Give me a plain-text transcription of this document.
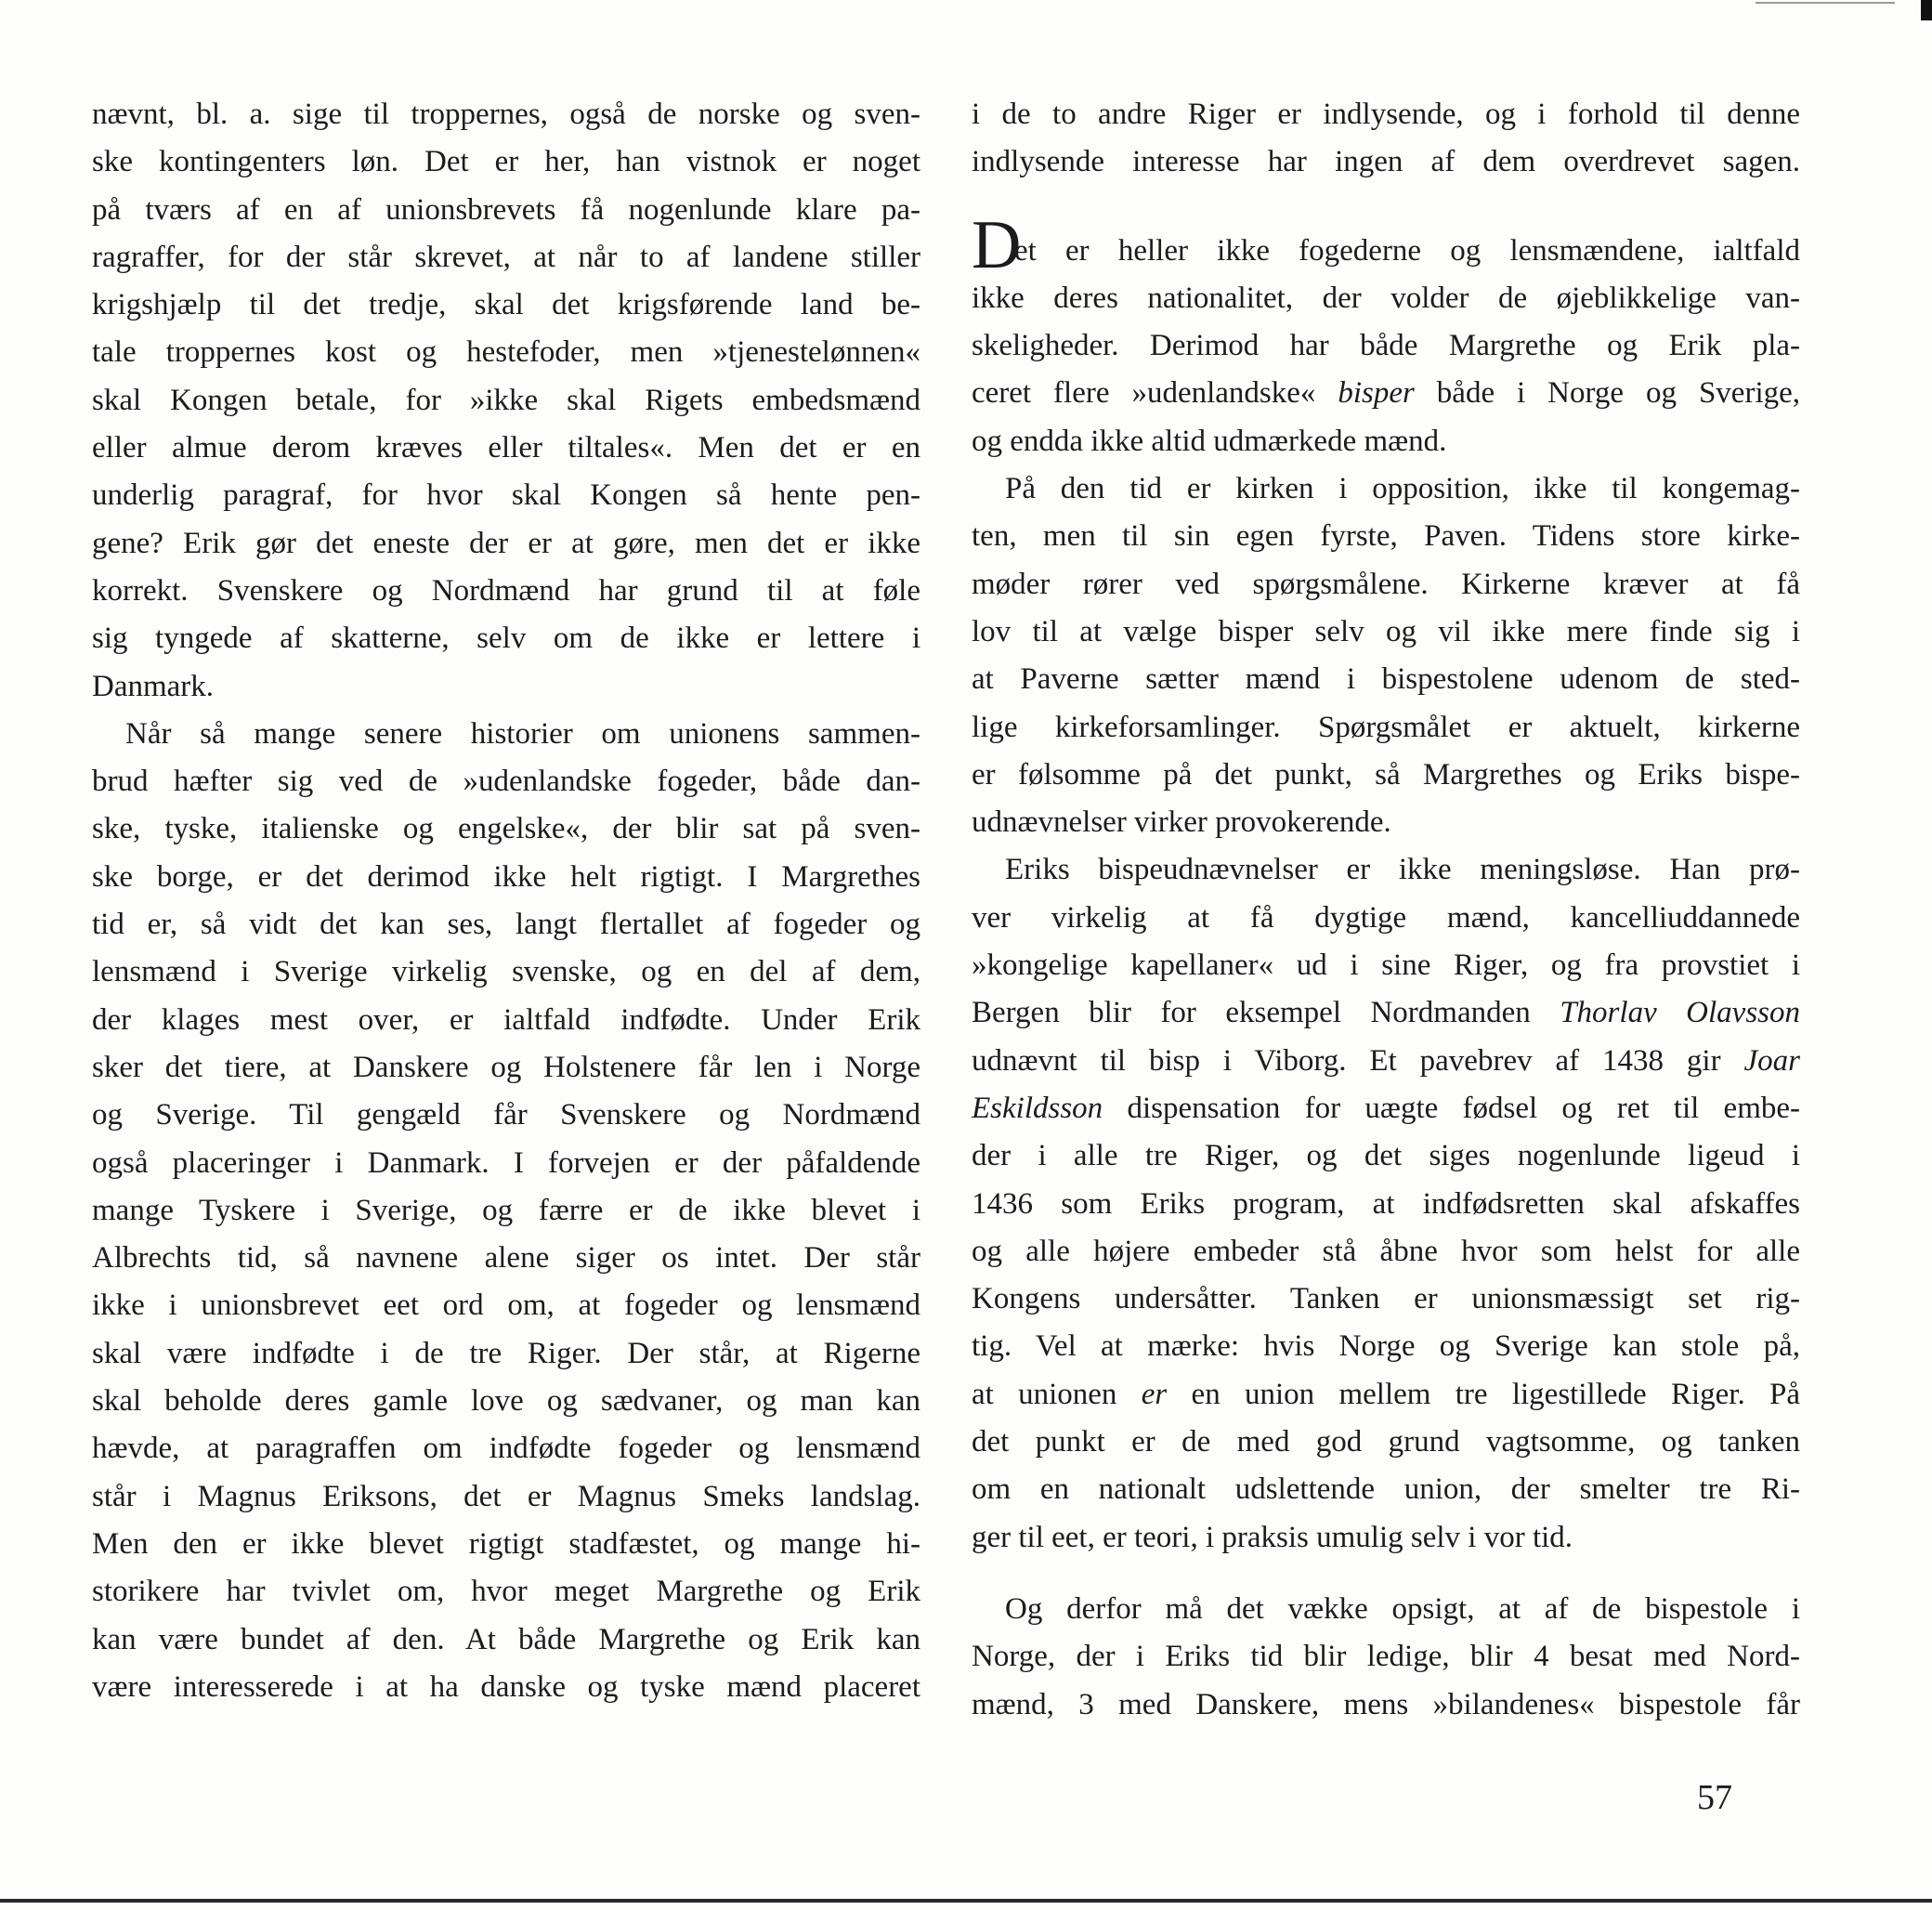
nævnt, bl. a. sige til troppernes, også de norske og sven-
ske kontingenters løn. Det er her, han vistnok er noget
på tværs af en af unionsbrevets få nogenlunde klare pa-
ragraffer, for der står skrevet, at når to af landene stiller
krigshjælp til det tredje, skal det krigsførende land be-
tale troppernes kost og hestefoder, men »tjenestelønnen«
skal Kongen betale, for »ikke skal Rigets embedsmænd
eller almue derom kræves eller tiltales«. Men det er en
underlig paragraf, for hvor skal Kongen så hente pen-
gene? Erik gør det eneste der er at gøre, men det er ikke
korrekt. Svenskere og Nordmænd har grund til at føle
sig tyngede af skatterne, selv om de ikke er lettere i
Danmark.
Når så mange senere historier om unionens sammen-
brud hæfter sig ved de »udenlandske fogeder, både dan-
ske, tyske, italienske og engelske«, der blir sat på sven-
ske borge, er det derimod ikke helt rigtigt. I Margrethes
tid er, så vidt det kan ses, langt flertallet af fogeder og
lensmænd i Sverige virkelig svenske, og en del af dem,
der klages mest over, er ialtfald indfødte. Under Erik
sker det tiere, at Danskere og Holstenere får len i Norge
og Sverige. Til gengæld får Svenskere og Nordmænd
også placeringer i Danmark. I forvejen er der påfaldende
mange Tyskere i Sverige, og færre er de ikke blevet i
Albrechts tid, så navnene alene siger os intet. Der står
ikke i unionsbrevet eet ord om, at fogeder og lensmænd
skal være indfødte i de tre Riger. Der står, at Rigerne
skal beholde deres gamle love og sædvaner, og man kan
hævde, at paragraffen om indfødte fogeder og lensmænd
står i Magnus Eriksons, det er Magnus Smeks landslag.
Men den er ikke blevet rigtigt stadfæstet, og mange hi-
storikere har tvivlet om, hvor meget Margrethe og Erik
kan være bundet af den. At både Margrethe og Erik kan
være interesserede i at ha danske og tyske mænd placeret
i de to andre Riger er indlysende, og i forhold til denne
indlysende interesse har ingen af dem overdrevet sagen.
D
et er heller ikke fogederne og lensmændene, ialtfald
ikke deres nationalitet, der volder de øjeblikkelige van-
skeligheder. Derimod har både Margrethe og Erik pla-
ceret flere »udenlandske« bisper både i Norge og Sverige,
og endda ikke altid udmærkede mænd.
På den tid er kirken i opposition, ikke til kongemag-
ten, men til sin egen fyrste, Paven. Tidens store kirke-
møder rører ved spørgsmålene. Kirkerne kræver at få
lov til at vælge bisper selv og vil ikke mere finde sig i
at Paverne sætter mænd i bispestolene udenom de sted-
lige kirkeforsamlinger. Spørgsmålet er aktuelt, kirkerne
er følsomme på det punkt, så Margrethes og Eriks bispe-
udnævnelser virker provokerende.
Eriks bispeudnævnelser er ikke meningsløse. Han prø-
ver virkelig at få dygtige mænd, kancelliuddannede
»kongelige kapellaner« ud i sine Riger, og fra provstiet i
Bergen blir for eksempel Nordmanden Thorlav Olavsson
udnævnt til bisp i Viborg. Et pavebrev af 1438 gir Joar
Eskildsson dispensation for uægte fødsel og ret til embe-
der i alle tre Riger, og det siges nogenlunde ligeud i
1436 som Eriks program, at indfødsretten skal afskaffes
og alle højere embeder stå åbne hvor som helst for alle
Kongens undersåtter. Tanken er unionsmæssigt set rig-
tig. Vel at mærke: hvis Norge og Sverige kan stole på,
at unionen er en union mellem tre ligestillede Riger. På
det punkt er de med god grund vagtsomme, og tanken
om en nationalt udslettende union, der smelter tre Ri-
ger til eet, er teori, i praksis umulig selv i vor tid.
Og derfor må det vække opsigt, at af de bispestole i
Norge, der i Eriks tid blir ledige, blir 4 besat med Nord-
mænd, 3 med Danskere, mens »bilandenes« bispestole får
57
